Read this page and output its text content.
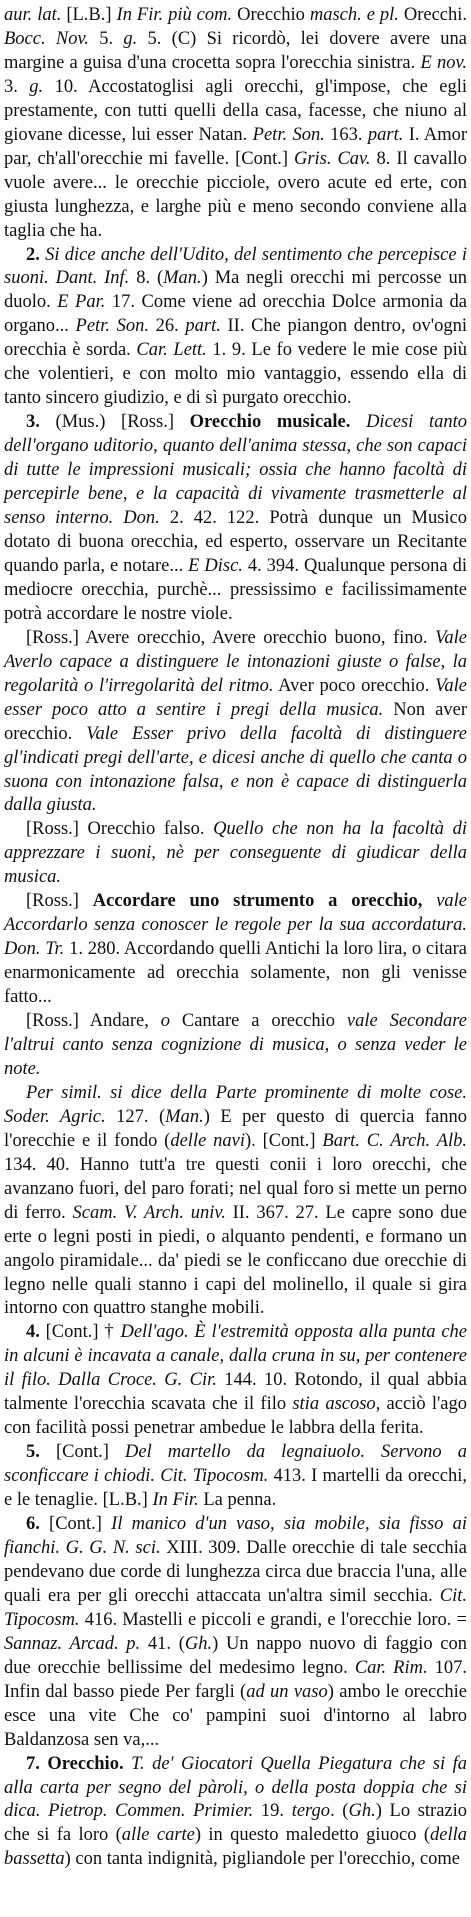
aur. lat. [L.B.] In Fir. più com. Orecchio masch. e pl. Orecchi. Bocc. Nov. 5. g. 5. (C) Si ricordò, lei dovere avere una margine a guisa d'una crocetta sopra l'orecchia sinistra. E nov. 3. g. 10. Accostatoglisi agli orecchi, gl'impose, che egli prestamente, con tutti quelli della casa, facesse, che niuno al giovane dicesse, lui esser Natan. Petr. Son. 163. part. I. Amor par, ch'all'orecchie mi favelle. [Cont.] Gris. Cav. 8. Il cavallo vuole avere... le orecchie picciole, overo acute ed erte, con giusta lunghezza, e larghe più e meno secondo conviene alla taglia che ha.

2. Si dice anche dell'Udito, del sentimento che percepisce i suoni. Dant. Inf. 8. (Man.) Ma negli orecchi mi percosse un duolo. E Par. 17. Come viene ad orecchia Dolce armonia da organo... Petr. Son. 26. part. II. Che piangon dentro, ov'ogni orecchia è sorda. Car. Lett. 1. 9. Le fo vedere le mie cose più che volentieri, e con molto mio vantaggio, essendo ella di tanto sincero giudizio, e di sì purgato orecchio.

3. (Mus.) [Ross.] Orecchio musicale. Dicesi tanto dell'organo uditorio, quanto dell'anima stessa, che son capaci di tutte le impressioni musicali; ossia che hanno facoltà di percepirle bene, e la capacità di vivamente trasmetterle al senso interno. Don. 2. 42. 122. Potrà dunque un Musico dotato di buona orecchia, ed esperto, osservare un Recitante quando parla, e notare... E Disc. 4. 394. Qualunque persona di mediocre orecchia, purchè... pressissimo e facilissimamente potrà accordare le nostre viole.

[Ross.] Avere orecchio, Avere orecchio buono, fino. Vale Averlo capace a distinguere le intonazioni giuste o false, la regolarità o l'irregolarità del ritmo. Aver poco orecchio. Vale esser poco atto a sentire i pregi della musica. Non aver orecchio. Vale Esser privo della facoltà di distinguere gl'indicati pregi dell'arte, e dicesi anche di quello che canta o suona con intonazione falsa, e non è capace di distinguerla dalla giusta.

[Ross.] Orecchio falso. Quello che non ha la facoltà di apprezzare i suoni, nè per conseguente di giudicar della musica.

[Ross.] Accordare uno strumento a orecchio, vale Accordarlo senza conoscer le regole per la sua accordatura. Don. Tr. 1. 280. Accordando quelli Antichi la loro lira, o citara enarmonicamente ad orecchia solamente, non gli venisse fatto...

[Ross.] Andare, o Cantare a orecchio vale Secondare l'altrui canto senza cognizione di musica, o senza veder le note.

Per simil. si dice della Parte prominente di molte cose. Soder. Agric. 127. (Man.) E per questo di quercia fanno l'orecchie e il fondo (delle navi). [Cont.] Bart. C. Arch. Alb. 134. 40. Hanno tutt'a tre questi conii i loro orecchi, che avanzano fuori, del paro forati; nel qual foro si mette un perno di ferro. Scam. V. Arch. univ. II. 367. 27. Le capre sono due erte o legni posti in piedi, o alquanto pendenti, e formano un angolo piramidale... da' piedi se le conficcano due orecchie di legno nelle quali stanno i capi del molinello, il quale si gira intorno con quattro stanghe mobili.

4. [Cont.] † Dell'ago. È l'estremità opposta alla punta che in alcuni è incavata a canale, dalla cruna in su, per contenere il filo. Dalla Croce. G. Cir. 144. 10. Rotondo, il qual abbia talmente l'orecchia scavata che il filo stia ascoso, acciò l'ago con facilità possi penetrar ambedue le labbra della ferita.

5. [Cont.] Del martello da legnaiuolo. Servono a sconficcare i chiodi. Cit. Tipocosm. 413. I martelli da orecchi, e le tenaglie. [L.B.] In Fir. La penna.

6. [Cont.] Il manico d'un vaso, sia mobile, sia fisso ai fianchi. G. G. N. sci. XIII. 309. Dalle orecchie di tale secchia pendevano due corde di lunghezza circa due braccia l'una, alle quali era per gli orecchi attaccata un'altra simil secchia. Cit. Tipocosm. 416. Mastelli e piccoli e grandi, e l'orecchie loro. = Sannaz. Arcad. p. 41. (Gh.) Un nappo nuovo di faggio con due orecchie bellissime del medesimo legno. Car. Rim. 107. Infin dal basso piede Per fargli (ad un vaso) ambo le orecchie esce una vite Che co' pampini suoi d'intorno al labro Baldanzosa sen va,...

7. Orecchio. T. de' Giocatori Quella Piegatura che si fa alla carta per segno del pàroli, o della posta doppia che si dica. Pietrop. Commen. Primier. 19. tergo. (Gh.) Lo strazio che si fa loro (alle carte) in questo maledetto giuoco (della bassetta) con tanta indignità, pigliandole per l'orecchio, come
